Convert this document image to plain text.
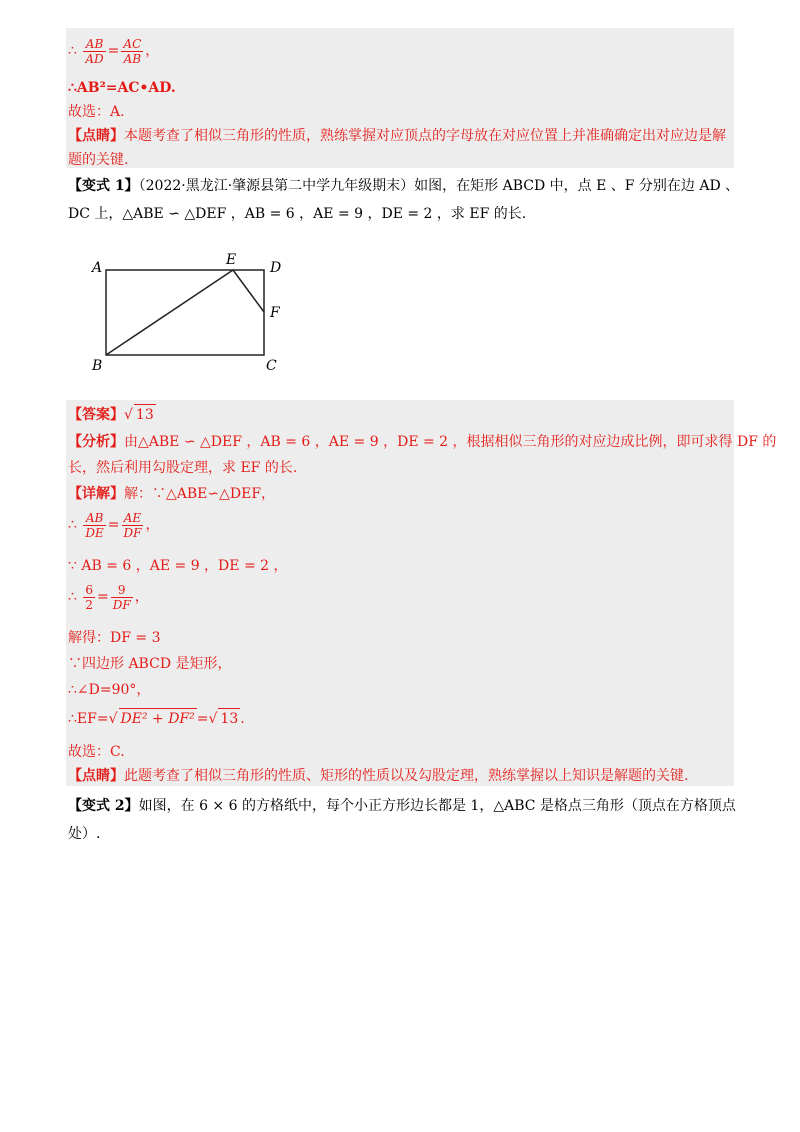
∴ $\frac{AB}{AD} = \frac{AC}{AB}$ ，
∴AB²=AC•AD.
故选：A.
【点睛】本题考查了相似三角形的性质，熟练掌握对应顶点的字母放在对应位置上并准确确定出对应边是解
题的关键.
【变式 1】（2022·黑龙江·肇源县第二中学九年级期末）如图，在矩形 ABCD 中，点 E 、F 分别在边 AD 、
DC 上，△ABE ∽ △DEF ，AB = 6 ，AE = 9 ，DE = 2 ，求 EF 的长.
A
B	C
D
E
F
【答案】√ 13
【分析】由△ABE ∽ △DEF ，AB = 6 ，AE = 9 ，DE = 2 ，根据相似三角形的对应边成比例，即可求得 DF 的
长，然后利用勾股定理，求 EF 的长.
【详解】解：∵△ABE∽△DEF，
∴ $\frac{AB}{DE} = \frac{AE}{DF}$ ，
∵ AB = 6 ，AE = 9 ，DE = 2 ，
∴ $\frac{6}{2} = \frac{9}{DF}$ ，
解得：DF = 3
∵四边形 ABCD 是矩形，
∴∠D=90°，
∴EF=√ DE² + DF² =√ 13 .
故选：C.
【点睛】此题考查了相似三角形的性质、矩形的性质以及勾股定理，熟练掌握以上知识是解题的关键.
【变式 2】如图，在 6 × 6 的方格纸中，每个小正方形边长都是 1，△ABC 是格点三角形（顶点在方格顶点
处）.
